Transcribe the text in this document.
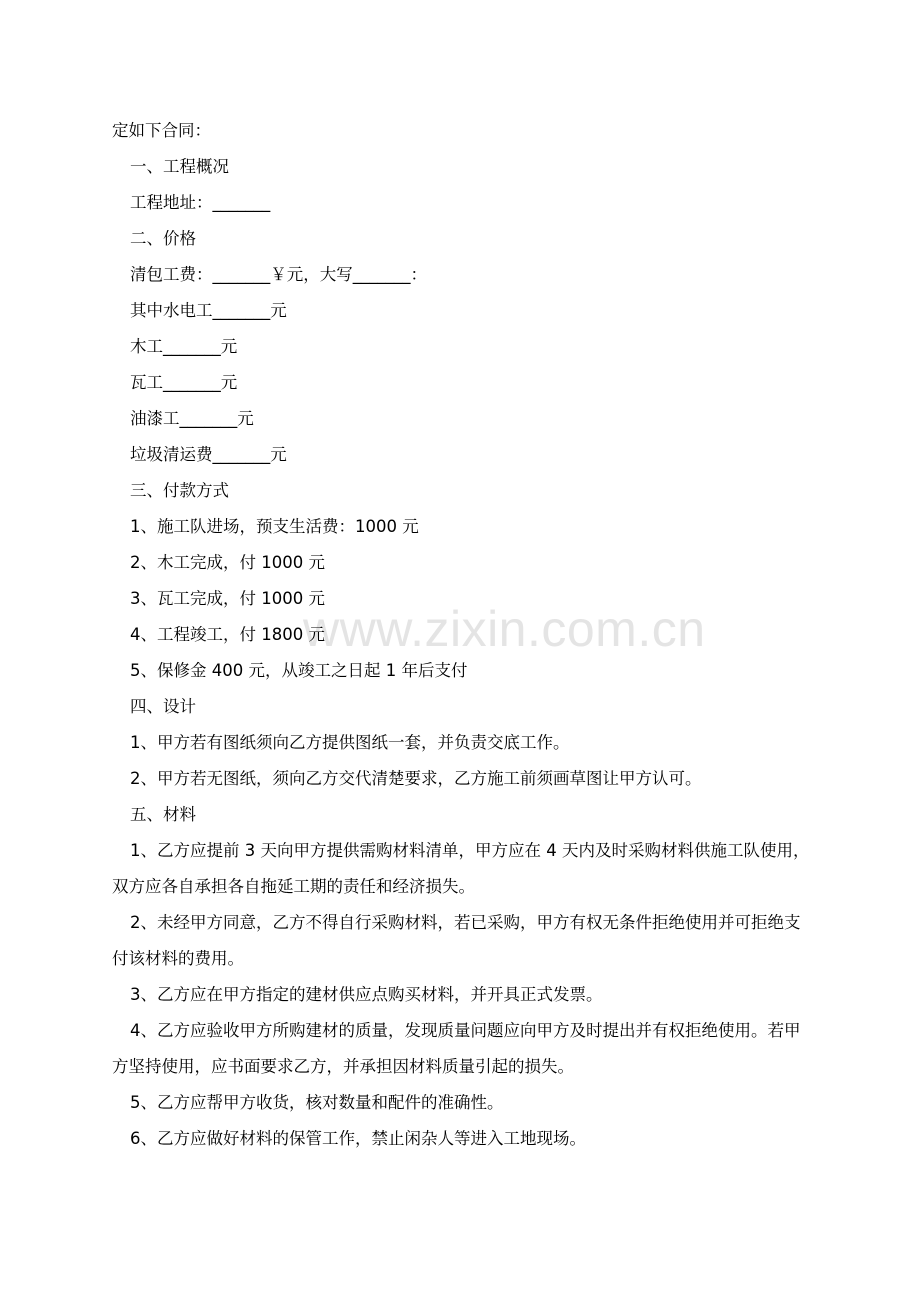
www.zixin.com.cn

定如下合同：

一、工程概况

工程地址：_______

二、价格

清包工费：_______￥元，大写_______：

其中水电工_______元

木工_______元

瓦工_______元

油漆工_______元

垃圾清运费_______元

三、付款方式

1、施工队进场，预支生活费：1000 元

2、木工完成，付 1000 元

3、瓦工完成，付 1000 元

4、工程竣工，付 1800 元

5、保修金 400 元，从竣工之日起 1 年后支付

四、设计

1、甲方若有图纸须向乙方提供图纸一套，并负责交底工作。

2、甲方若无图纸，须向乙方交代清楚要求，乙方施工前须画草图让甲方认可。

五、材料

1、乙方应提前 3 天向甲方提供需购材料清单，甲方应在 4 天内及时采购材料供施工队使用，双方应各自承担各自拖延工期的责任和经济损失。

2、未经甲方同意，乙方不得自行采购材料，若已采购，甲方有权无条件拒绝使用并可拒绝支付该材料的费用。

3、乙方应在甲方指定的建材供应点购买材料，并开具正式发票。

4、乙方应验收甲方所购建材的质量，发现质量问题应向甲方及时提出并有权拒绝使用。若甲方坚持使用，应书面要求乙方，并承担因材料质量引起的损失。

5、乙方应帮甲方收货，核对数量和配件的准确性。

6、乙方应做好材料的保管工作，禁止闲杂人等进入工地现场。
